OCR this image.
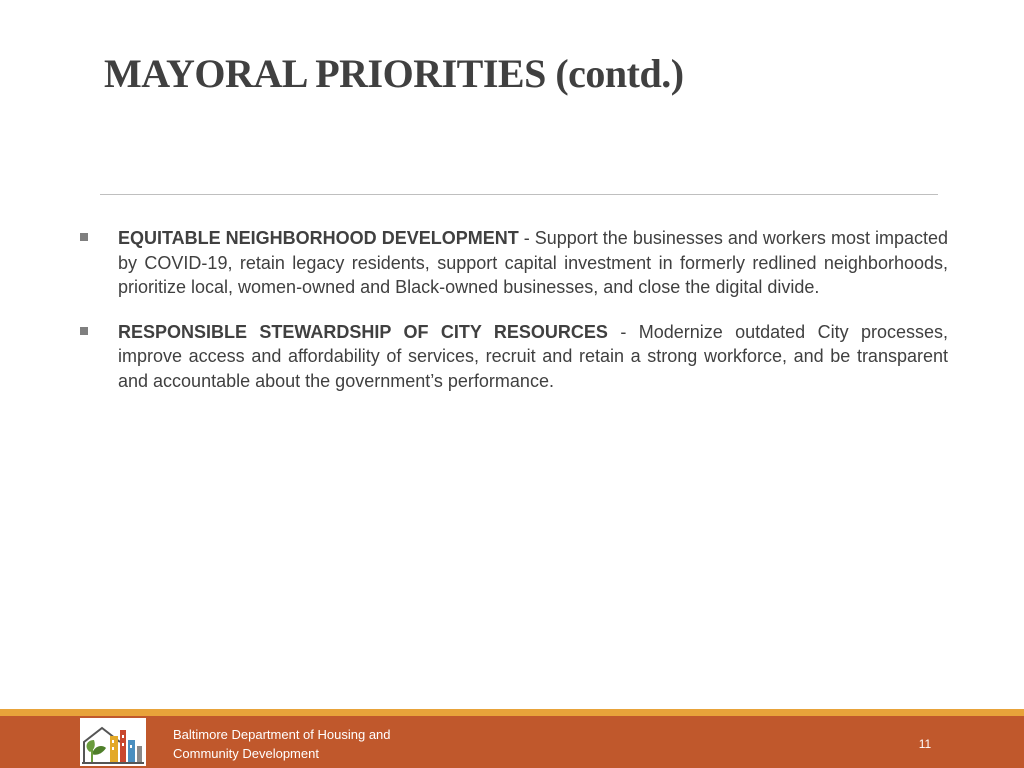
MAYORAL PRIORITIES (contd.)
EQUITABLE NEIGHBORHOOD DEVELOPMENT - Support the businesses and workers most impacted by COVID-19, retain legacy residents, support capital investment in formerly redlined neighborhoods, prioritize local, women-owned and Black-owned businesses, and close the digital divide.
RESPONSIBLE STEWARDSHIP OF CITY RESOURCES - Modernize outdated City processes, improve access and affordability of services, recruit and retain a strong workforce, and be transparent and accountable about the government’s performance.
Baltimore Department of Housing and
Community Development
11
